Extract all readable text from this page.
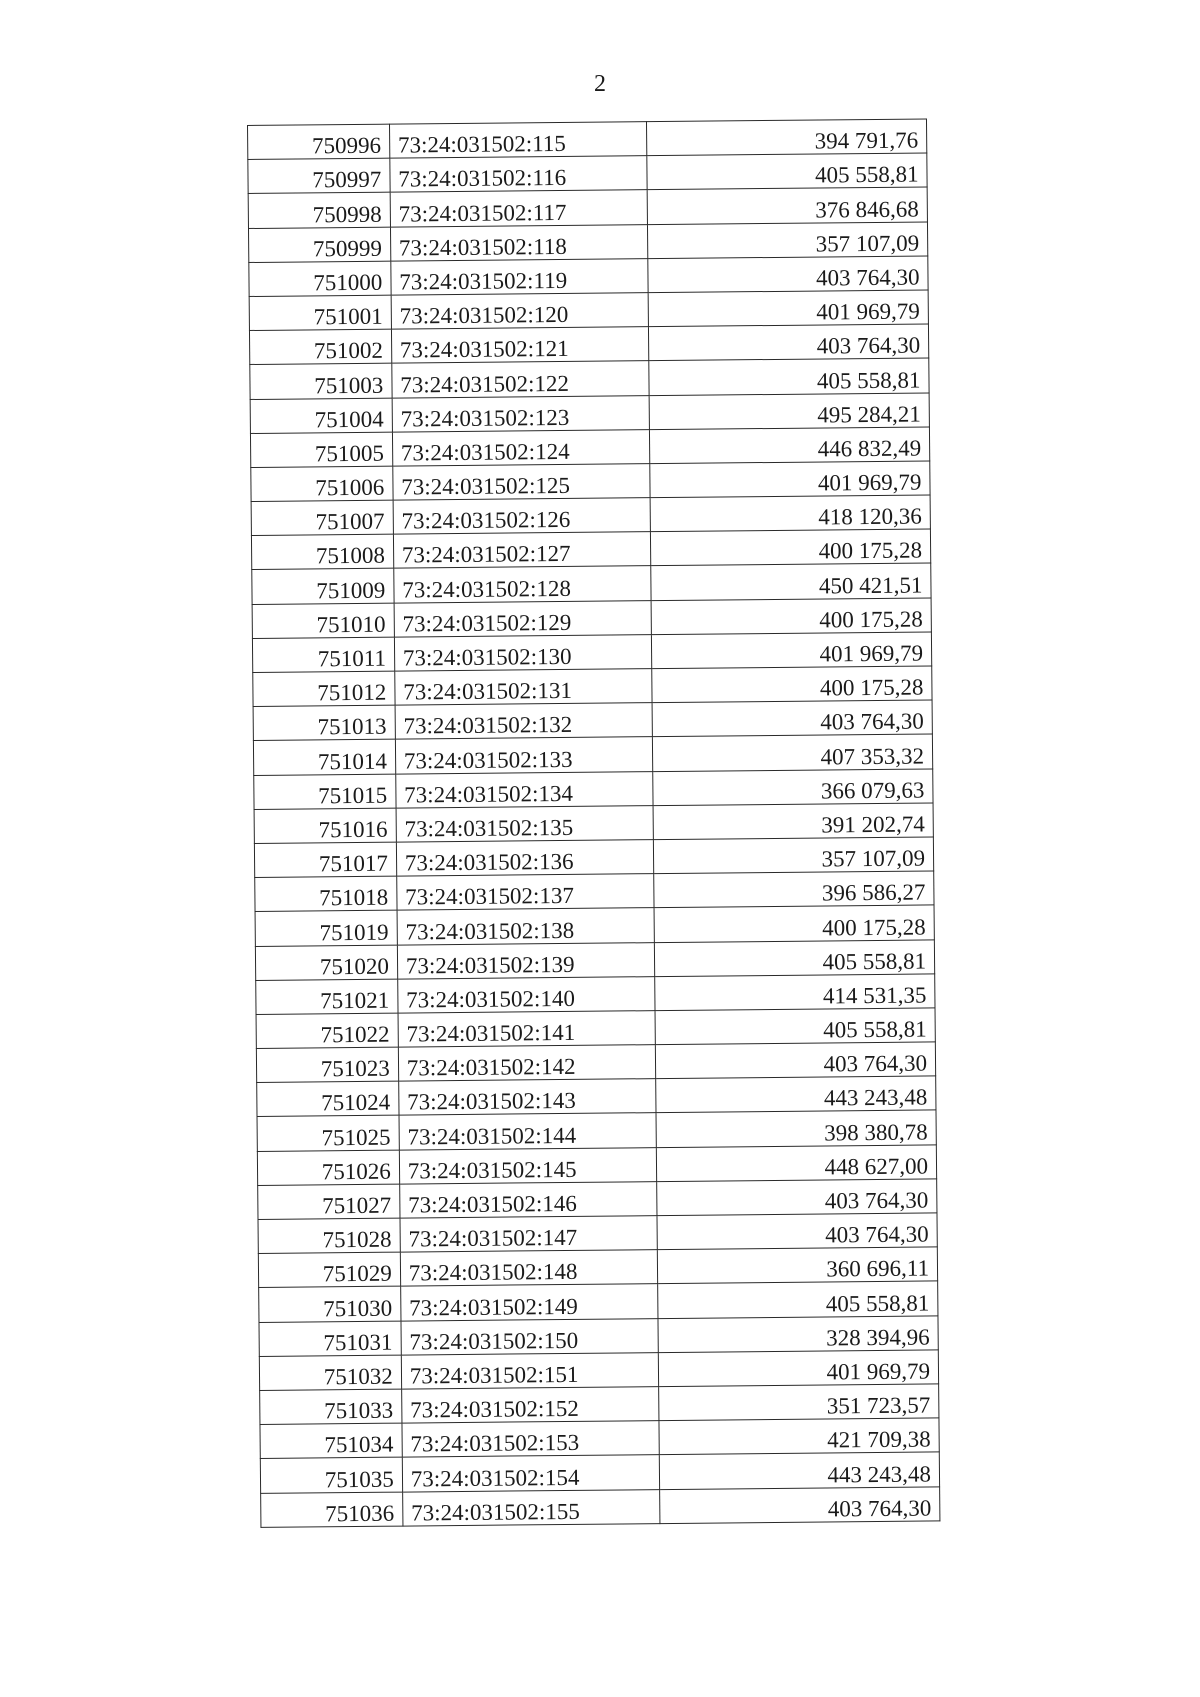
2
750996	73:24:031502:115	394 791,76
750997	73:24:031502:116	405 558,81
750998	73:24:031502:117	376 846,68
750999	73:24:031502:118	357 107,09
751000	73:24:031502:119	403 764,30
751001	73:24:031502:120	401 969,79
751002	73:24:031502:121	403 764,30
751003	73:24:031502:122	405 558,81
751004	73:24:031502:123	495 284,21
751005	73:24:031502:124	446 832,49
751006	73:24:031502:125	401 969,79
751007	73:24:031502:126	418 120,36
751008	73:24:031502:127	400 175,28
751009	73:24:031502:128	450 421,51
751010	73:24:031502:129	400 175,28
751011	73:24:031502:130	401 969,79
751012	73:24:031502:131	400 175,28
751013	73:24:031502:132	403 764,30
751014	73:24:031502:133	407 353,32
751015	73:24:031502:134	366 079,63
751016	73:24:031502:135	391 202,74
751017	73:24:031502:136	357 107,09
751018	73:24:031502:137	396 586,27
751019	73:24:031502:138	400 175,28
751020	73:24:031502:139	405 558,81
751021	73:24:031502:140	414 531,35
751022	73:24:031502:141	405 558,81
751023	73:24:031502:142	403 764,30
751024	73:24:031502:143	443 243,48
751025	73:24:031502:144	398 380,78
751026	73:24:031502:145	448 627,00
751027	73:24:031502:146	403 764,30
751028	73:24:031502:147	403 764,30
751029	73:24:031502:148	360 696,11
751030	73:24:031502:149	405 558,81
751031	73:24:031502:150	328 394,96
751032	73:24:031502:151	401 969,79
751033	73:24:031502:152	351 723,57
751034	73:24:031502:153	421 709,38
751035	73:24:031502:154	443 243,48
751036	73:24:031502:155	403 764,30
